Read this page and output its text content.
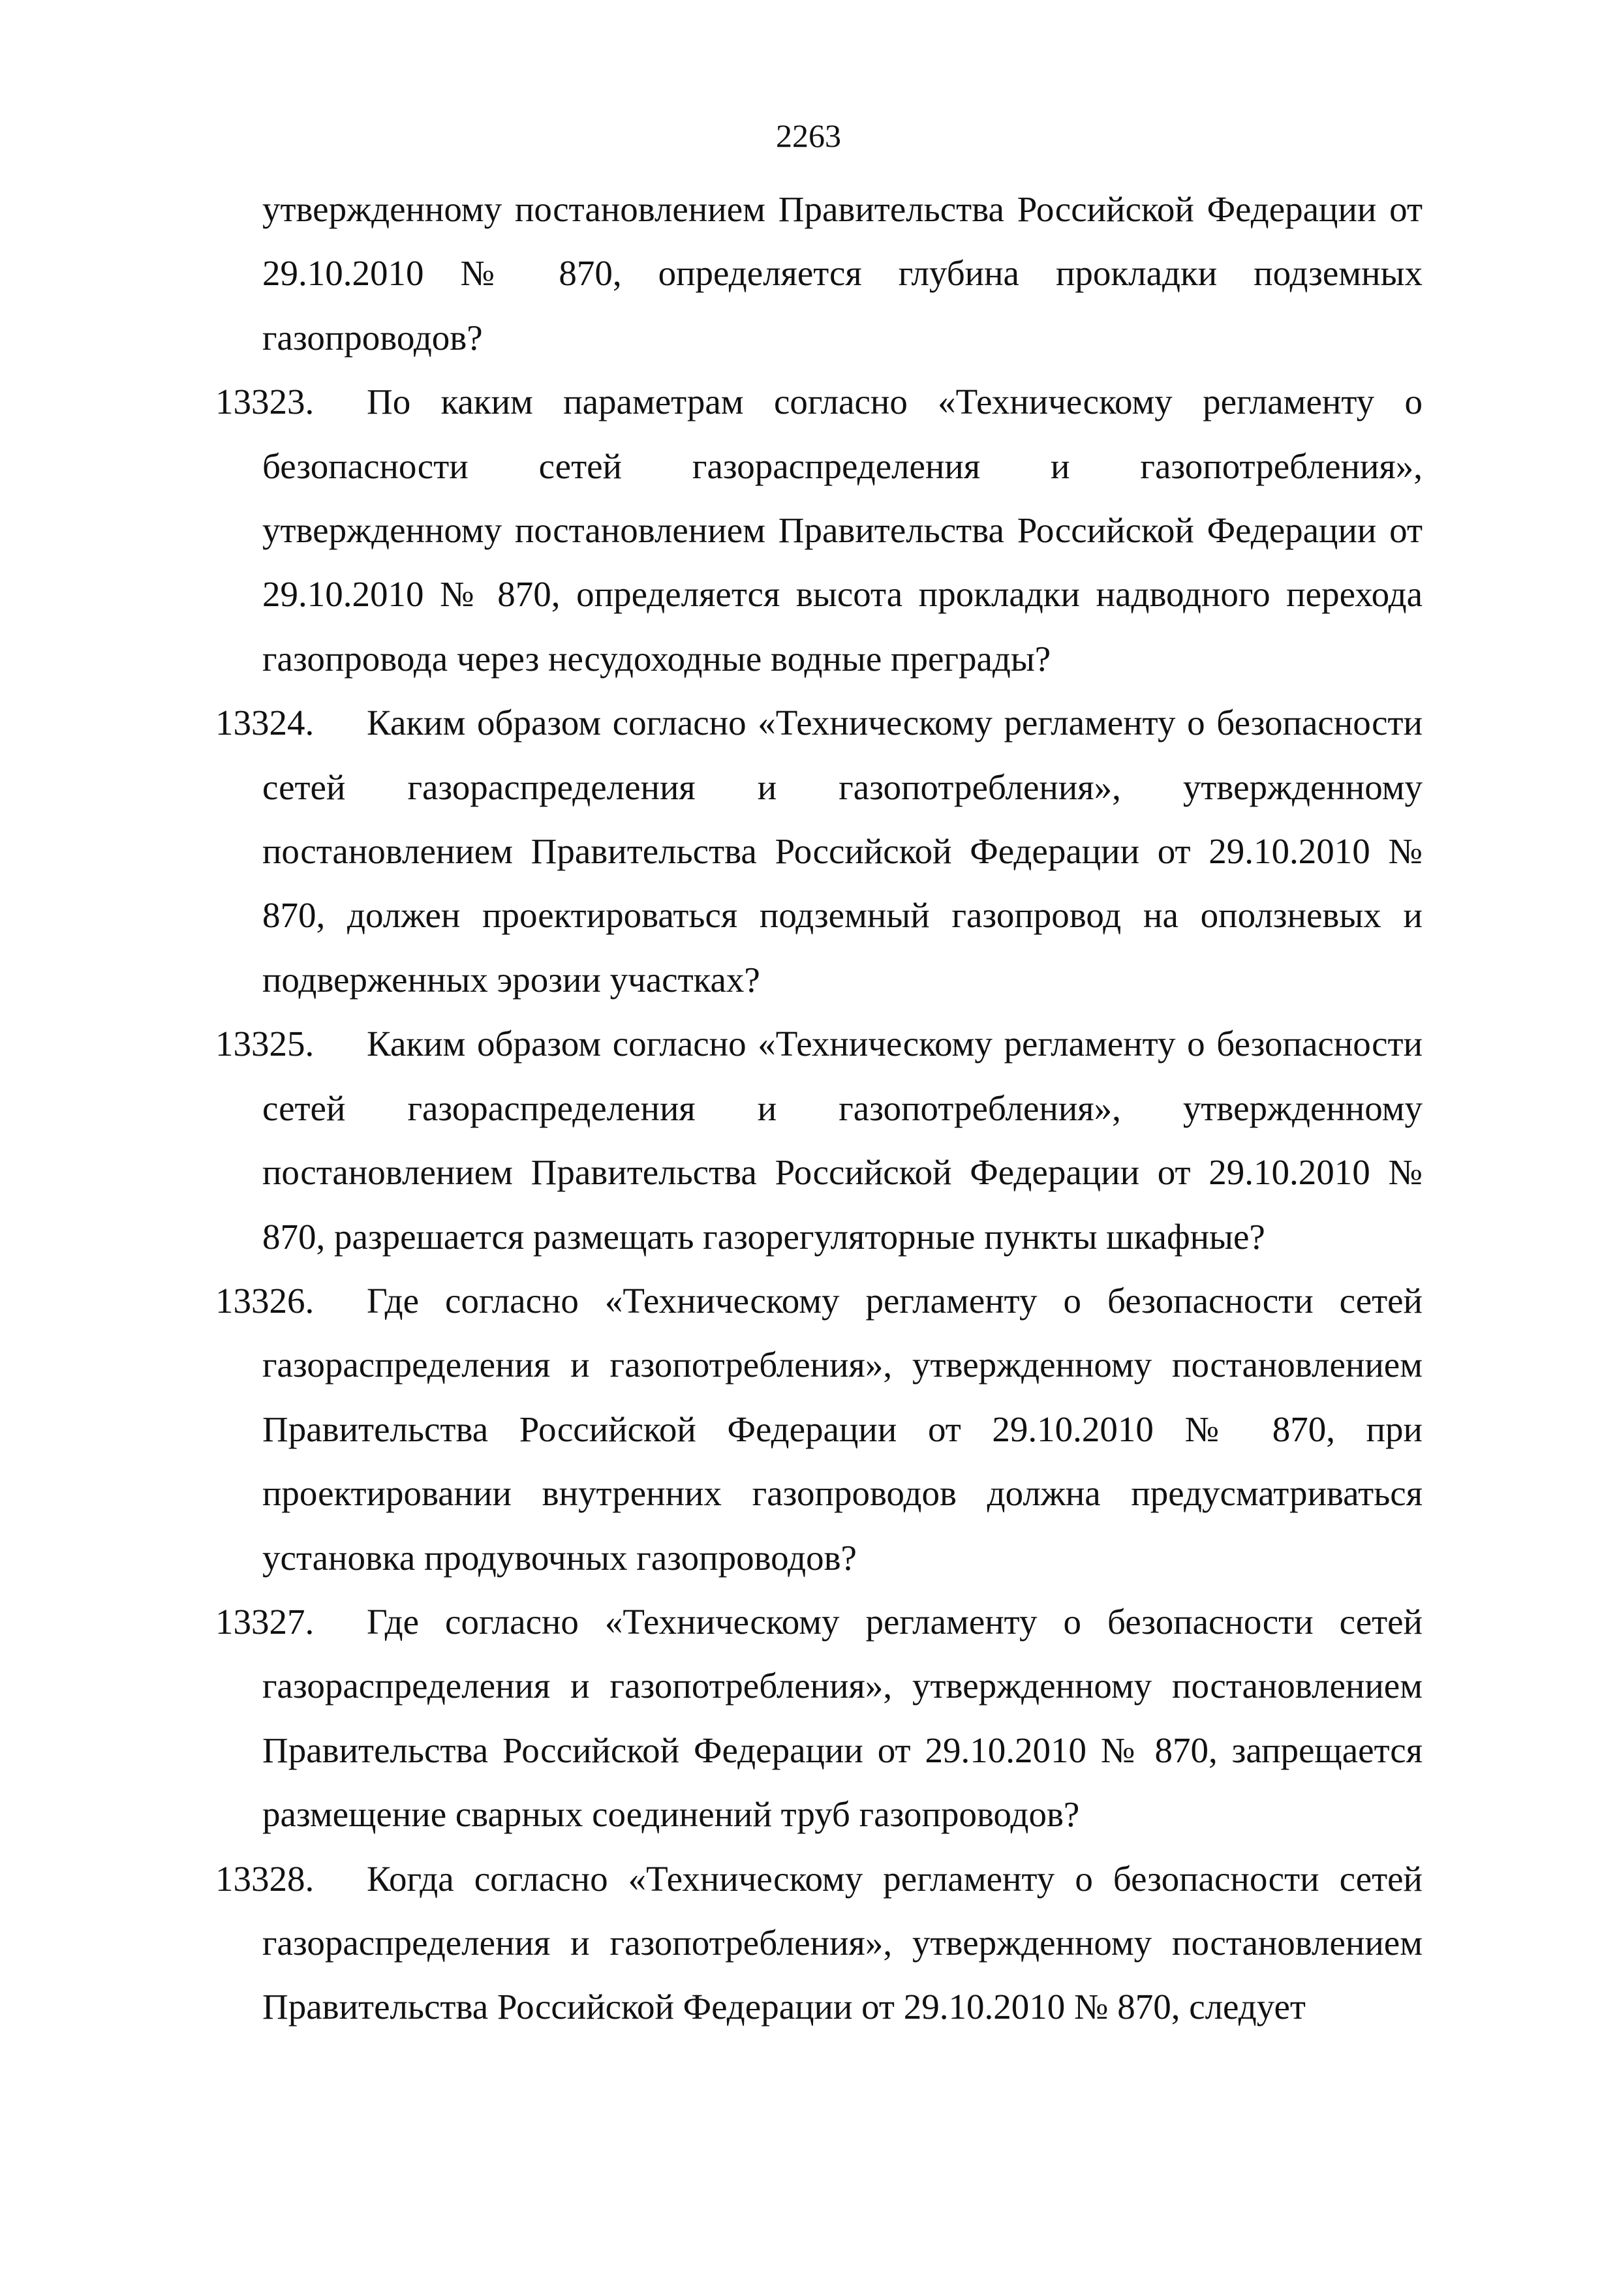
2263
утвержденному постановлением Правительства Российской Федерации от 29.10.2010 № 870, определяется глубина прокладки подземных газопроводов?
13323. По каким параметрам согласно «Техническому регламенту о безопасности сетей газораспределения и газопотребления», утвержденному постановлением Правительства Российской Федерации от 29.10.2010 № 870, определяется высота прокладки надводного перехода газопровода через несудоходные водные преграды?
13324. Каким образом согласно «Техническому регламенту о безопасности сетей газораспределения и газопотребления», утвержденному постановлением Правительства Российской Федерации от 29.10.2010 № 870, должен проектироваться подземный газопровод на оползневых и подверженных эрозии участках?
13325. Каким образом согласно «Техническому регламенту о безопасности сетей газораспределения и газопотребления», утвержденному постановлением Правительства Российской Федерации от 29.10.2010 № 870, разрешается размещать газорегуляторные пункты шкафные?
13326. Где согласно «Техническому регламенту о безопасности сетей газораспределения и газопотребления», утвержденному постановлением Правительства Российской Федерации от 29.10.2010 № 870, при проектировании внутренних газопроводов должна предусматриваться установка продувочных газопроводов?
13327. Где согласно «Техническому регламенту о безопасности сетей газораспределения и газопотребления», утвержденному постановлением Правительства Российской Федерации от 29.10.2010 № 870, запрещается размещение сварных соединений труб газопроводов?
13328. Когда согласно «Техническому регламенту о безопасности сетей газораспределения и газопотребления», утвержденному постановлением Правительства Российской Федерации от 29.10.2010 № 870, следует
